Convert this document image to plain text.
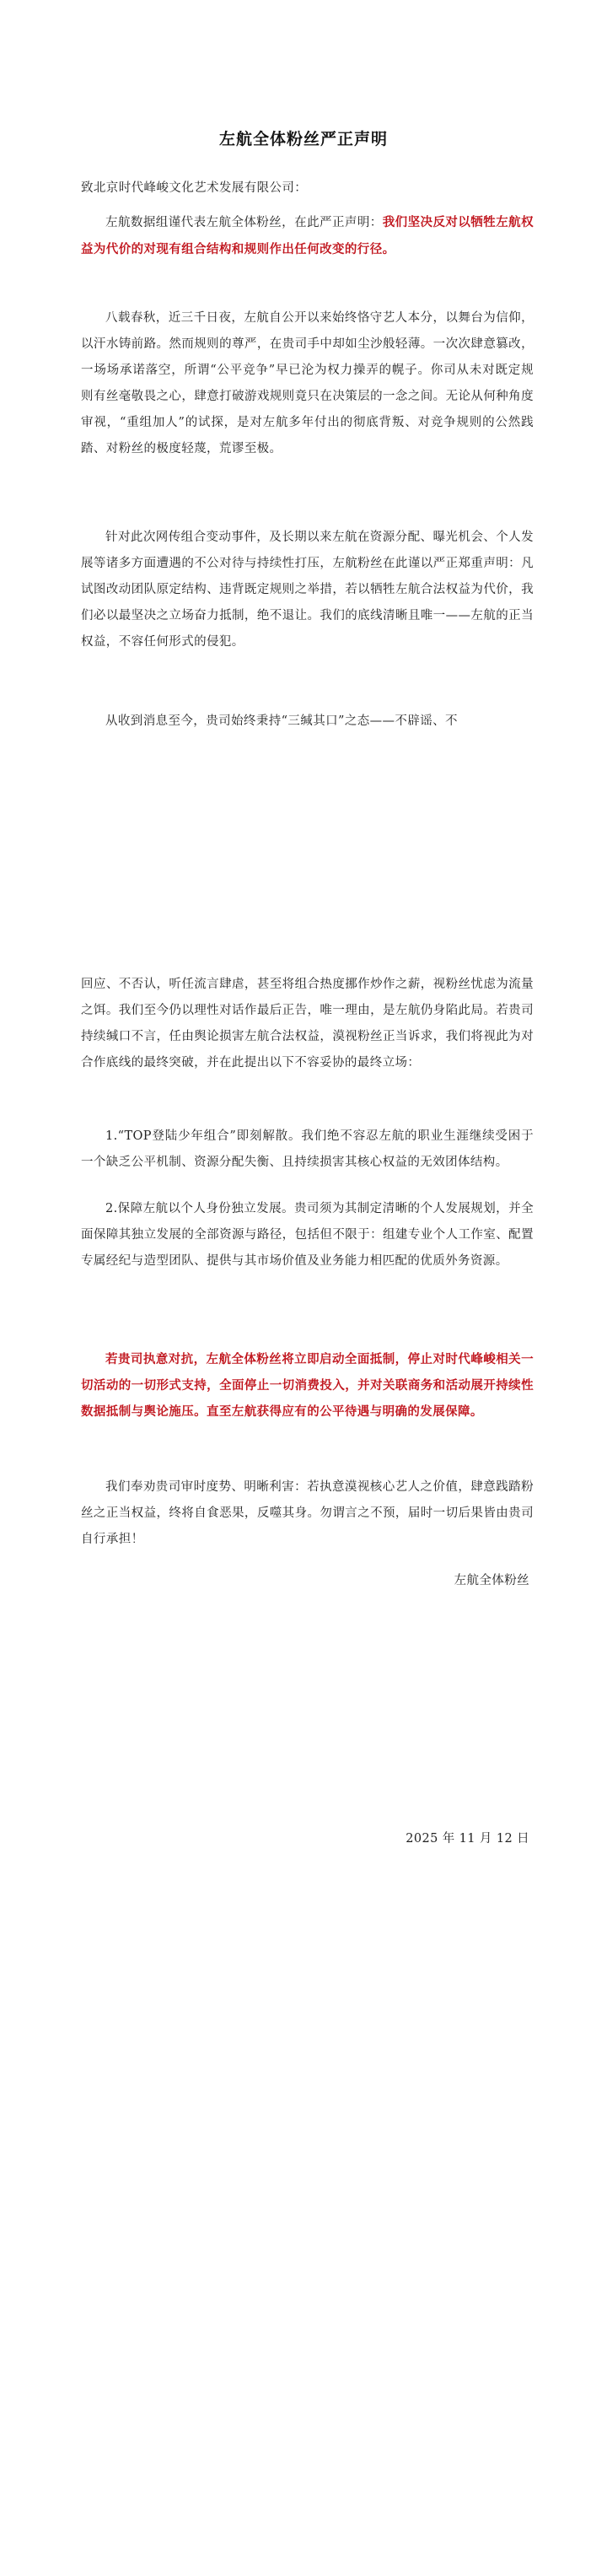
左航全体粉丝严正声明

致北京时代峰峻文化艺术发展有限公司：

左航数据组谨代表左航全体粉丝，在此严正声明：我们坚决反对以牺牲左航权益为代价的对现有组合结构和规则作出任何改变的行径。

八载春秋，近三千日夜，左航自公开以来始终恪守艺人本分，以舞台为信仰，以汗水铸前路。然而规则的尊严，在贵司手中却如尘沙般轻薄。一次次肆意篡改，一场场承诺落空，所谓“公平竞争”早已沦为权力操弄的幌子。你司从未对既定规则有丝毫敬畏之心，肆意打破游戏规则竟只在决策层的一念之间。无论从何种角度审视，“重组加人”的试探，是对左航多年付出的彻底背叛、对竞争规则的公然践踏、对粉丝的极度轻蔑，荒谬至极。

针对此次网传组合变动事件，及长期以来左航在资源分配、曝光机会、个人发展等诸多方面遭遇的不公对待与持续性打压，左航粉丝在此谨以严正郑重声明：凡试图改动团队原定结构、违背既定规则之举措，若以牺牲左航合法权益为代价，我们必以最坚决之立场奋力抵制，绝不退让。我们的底线清晰且唯一——左航的正当权益，不容任何形式的侵犯。

从收到消息至今，贵司始终秉持“三缄其口”之态——不辟谣、不

回应、不否认，听任流言肆虐，甚至将组合热度挪作炒作之薪，视粉丝忧虑为流量之饵。我们至今仍以理性对话作最后正告，唯一理由，是左航仍身陷此局。若贵司持续缄口不言，任由舆论损害左航合法权益，漠视粉丝正当诉求，我们将视此为对合作底线的最终突破，并在此提出以下不容妥协的最终立场：

1.“TOP登陆少年组合”即刻解散。我们绝不容忍左航的职业生涯继续受困于一个缺乏公平机制、资源分配失衡、且持续损害其核心权益的无效团体结构。

2.保障左航以个人身份独立发展。贵司须为其制定清晰的个人发展规划，并全面保障其独立发展的全部资源与路径，包括但不限于：组建专业个人工作室、配置专属经纪与造型团队、提供与其市场价值及业务能力相匹配的优质外务资源。

若贵司执意对抗，左航全体粉丝将立即启动全面抵制，停止对时代峰峻相关一切活动的一切形式支持，全面停止一切消费投入，并对关联商务和活动展开持续性数据抵制与舆论施压。直至左航获得应有的公平待遇与明确的发展保障。

我们奉劝贵司审时度势、明晰利害：若执意漠视核心艺人之价值，肆意践踏粉丝之正当权益，终将自食恶果，反噬其身。勿谓言之不预，届时一切后果皆由贵司自行承担！

左航全体粉丝

2025 年 11 月 12 日
